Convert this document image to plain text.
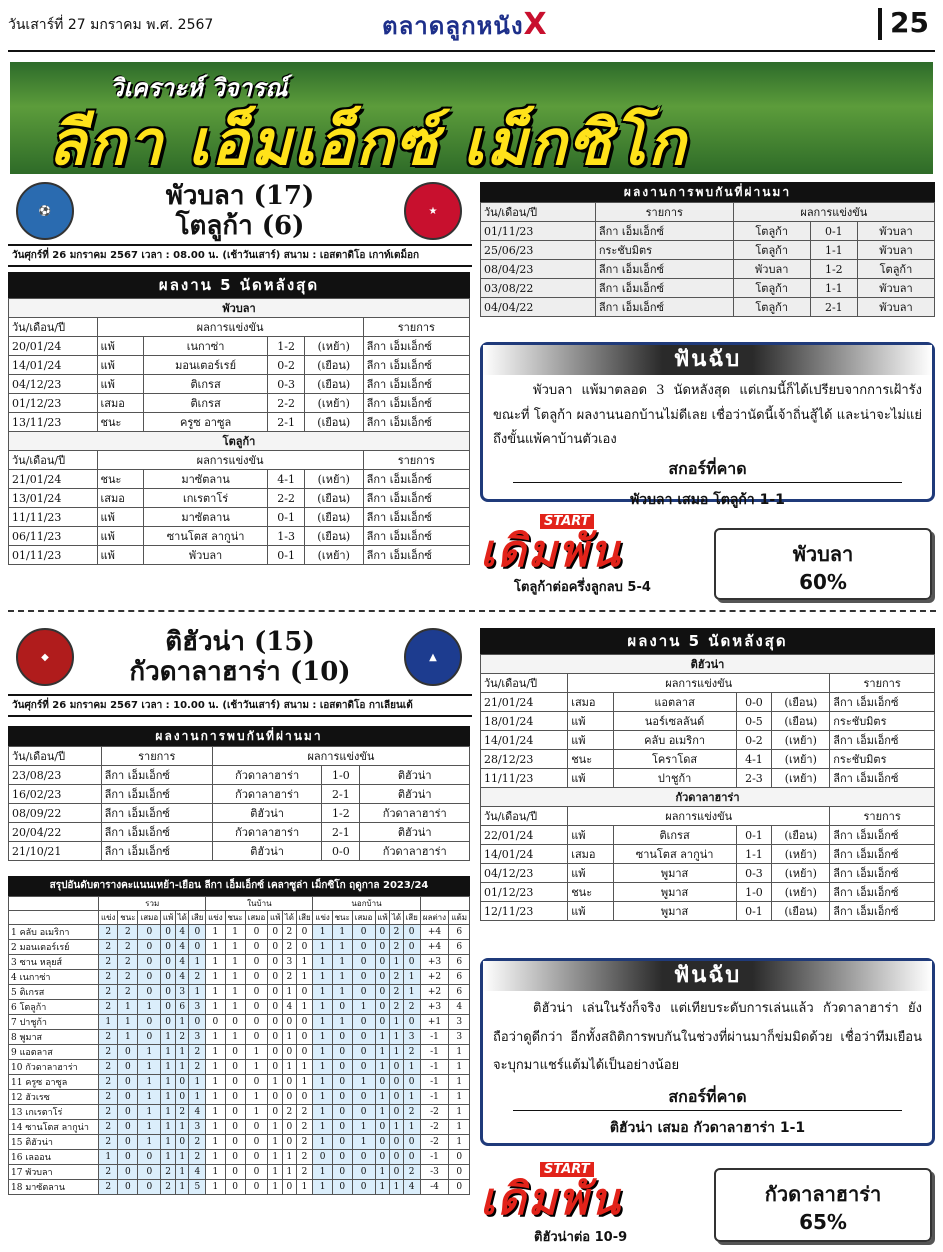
วันเสาร์ที่ 27 มกราคม พ.ศ. 2567	ตลาดลูกหนังX	25
วิเคราะห์ วิจารณ์
ลีกา เอ็มเอ็กซ์ เม็กซิโก
⚽	★
พัวบลา (17)
โตลูก้า (6)
วันศุกร์ที่ 26 มกราคม 2567 เวลา : 08.00 น. (เช้าวันเสาร์) สนาม : เอสตาดิโอ เกาท์เตม็อก
ผลงาน 5 นัดหลังสุด
พัวบลา					
วัน/เดือน/ปี	ผลการแข่งขัน				รายการ
20/01/24	แพ้	เนกาซ่า	1-2	(เหย้า)	ลีกา เอ็มเอ็กซ์
14/01/24	แพ้	มอนเตอร์เรย์	0-2	(เยือน)	ลีกา เอ็มเอ็กซ์
04/12/23	แพ้	ติเกรส	0-3	(เยือน)	ลีกา เอ็มเอ็กซ์
01/12/23	เสมอ	ติเกรส	2-2	(เหย้า)	ลีกา เอ็มเอ็กซ์
13/11/23	ชนะ	ครูซ อาซูล	2-1	(เยือน)	ลีกา เอ็มเอ็กซ์
โตลูก้า					
วัน/เดือน/ปี	ผลการแข่งขัน				รายการ
21/01/24	ชนะ	มาซัตลาน	4-1	(เหย้า)	ลีกา เอ็มเอ็กซ์
13/01/24	เสมอ	เกเรตาโร่	2-2	(เยือน)	ลีกา เอ็มเอ็กซ์
11/11/23	แพ้	มาซัตลาน	0-1	(เยือน)	ลีกา เอ็มเอ็กซ์
06/11/23	แพ้	ซานโตส ลากูน่า	1-3	(เยือน)	ลีกา เอ็มเอ็กซ์
01/11/23	แพ้	พัวบลา	0-1	(เหย้า)	ลีกา เอ็มเอ็กซ์
ผลงานการพบกันที่ผ่านมา
วัน/เดือน/ปี	รายการ	ผลการแข่งขัน		
01/11/23	ลีกา เอ็มเอ็กซ์	โตลูก้า	0-1	พัวบลา
25/06/23	กระชับมิตร	โตลูก้า	1-1	พัวบลา
08/04/23	ลีกา เอ็มเอ็กซ์	พัวบลา	1-2	โตลูก้า
03/08/22	ลีกา เอ็มเอ็กซ์	โตลูก้า	1-1	พัวบลา
04/04/22	ลีกา เอ็มเอ็กซ์	โตลูก้า	2-1	พัวบลา
ฟันฉับ
พัวบลา แพ้มาตลอด 3 นัดหลังสุด แต่เกมนี้ก็ได้เปรียบจากการเฝ้ารัง ขณะที่ โตลูก้า ผลงานนอกบ้านไม่ดีเลย เชื่อว่านัดนี้เจ้าถิ่นสู้ได้ และน่าจะไม่แย่ถึงขั้นแพ้คาบ้านตัวเอง
สกอร์ที่คาด
พัวบลา เสมอ โตลูก้า 1-1
START
เดิมพัน
โตลูก้าต่อครึ่งลูกลบ 5-4
พัวบลา
60%
◆	▲
ติฮัวน่า (15)
กัวดาลาฮาร่า (10)
วันศุกร์ที่ 26 มกราคม 2567 เวลา : 10.00 น. (เช้าวันเสาร์) สนาม : เอสตาดิโอ กาเลียนเต้
ผลงานการพบกันที่ผ่านมา
วัน/เดือน/ปี	รายการ	ผลการแข่งขัน		
23/08/23	ลีกา เอ็มเอ็กซ์	กัวดาลาฮาร่า	1-0	ติฮัวน่า
16/02/23	ลีกา เอ็มเอ็กซ์	กัวดาลาฮาร่า	2-1	ติฮัวน่า
08/09/22	ลีกา เอ็มเอ็กซ์	ติฮัวน่า	1-2	กัวดาลาฮาร่า
20/04/22	ลีกา เอ็มเอ็กซ์	กัวดาลาฮาร่า	2-1	ติฮัวน่า
21/10/21	ลีกา เอ็มเอ็กซ์	ติฮัวน่า	0-0	กัวดาลาฮาร่า
ผลงาน 5 นัดหลังสุด
ติฮัวน่า					
วัน/เดือน/ปี	ผลการแข่งขัน				รายการ
21/01/24	เสมอ	แอตลาส	0-0	(เยือน)	ลีกา เอ็มเอ็กซ์
18/01/24	แพ้	นอร์เซลลันด์	0-5	(เยือน)	กระชับมิตร
14/01/24	แพ้	คลับ อเมริกา	0-2	(เหย้า)	ลีกา เอ็มเอ็กซ์
28/12/23	ชนะ	โคราโดส	4-1	(เหย้า)	กระชับมิตร
11/11/23	แพ้	ปาชูก้า	2-3	(เหย้า)	ลีกา เอ็มเอ็กซ์
กัวดาลาฮาร่า					
วัน/เดือน/ปี	ผลการแข่งขัน				รายการ
22/01/24	แพ้	ติเกรส	0-1	(เยือน)	ลีกา เอ็มเอ็กซ์
14/01/24	เสมอ	ซานโตส ลากูน่า	1-1	(เหย้า)	ลีกา เอ็มเอ็กซ์
04/12/23	แพ้	พูมาส	0-3	(เหย้า)	ลีกา เอ็มเอ็กซ์
01/12/23	ชนะ	พูมาส	1-0	(เหย้า)	ลีกา เอ็มเอ็กซ์
12/11/23	แพ้	พูมาส	0-1	(เยือน)	ลีกา เอ็มเอ็กซ์
ฟันฉับ
ติฮัวน่า เล่นในรังก็จริง แต่เทียบระดับการเล่นแล้ว กัวดาลาฮาร่า ยังถือว่าดูดีกว่า อีกทั้งสถิติการพบกันในช่วงที่ผ่านมาก็ข่มมิดด้วย เชื่อว่าทีมเยือนจะบุกมาแชร์แต้มได้เป็นอย่างน้อย
สกอร์ที่คาด
ติฮัวน่า เสมอ กัวดาลาฮาร่า 1-1
START
เดิมพัน
ติฮัวน่าต่อ 10-9
กัวดาลาฮาร่า
65%
สรุปอันดับตารางคะแนนเหย้า-เยือน ลีกา เอ็มเอ็กซ์ เคลาซูล่า เม็กซิโก ฤดูกาล 2023/24
	รวม						ในบ้าน						นอกบ้าน							
	แข่ง	ชนะ	เสมอ	แพ้	ได้	เสีย	แข่ง	ชนะ	เสมอ	แพ้	ได้	เสีย	แข่ง	ชนะ	เสมอ	แพ้	ได้	เสีย	ผลต่าง	แต้ม
1 คลับ อเมริกา	2	2	0	0	4	0	1	1	0	0	2	0	1	1	0	0	2	0	+4	6
2 มอนเตอร์เรย์	2	2	0	0	4	0	1	1	0	0	2	0	1	1	0	0	2	0	+4	6
3 ซาน หลุยส์	2	2	0	0	4	1	1	1	0	0	3	1	1	1	0	0	1	0	+3	6
4 เนกาซ่า	2	2	0	0	4	2	1	1	0	0	2	1	1	1	0	0	2	1	+2	6
5 ติเกรส	2	2	0	0	3	1	1	1	0	0	1	0	1	1	0	0	2	1	+2	6
6 โตลูก้า	2	1	1	0	6	3	1	1	0	0	4	1	1	0	1	0	2	2	+3	4
7 ปาชูก้า	1	1	0	0	1	0	0	0	0	0	0	0	1	1	0	0	1	0	+1	3
8 พูมาส	2	1	0	1	2	3	1	1	0	0	1	0	1	0	0	1	1	3	-1	3
9 แอตลาส	2	0	1	1	1	2	1	0	1	0	0	0	1	0	0	1	1	2	-1	1
10 กัวดาลาฮาร่า	2	0	1	1	1	2	1	0	1	0	1	1	1	0	0	1	0	1	-1	1
11 ครูซ อาซูล	2	0	1	1	0	1	1	0	0	1	0	1	1	0	1	0	0	0	-1	1
12 ฮัวเรซ	2	0	1	1	0	1	1	0	1	0	0	0	1	0	0	1	0	1	-1	1
13 เกเรตาโร่	2	0	1	1	2	4	1	0	1	0	2	2	1	0	0	1	0	2	-2	1
14 ซานโตส ลากูน่า	2	0	1	1	1	3	1	0	0	1	0	2	1	0	1	0	1	1	-2	1
15 ติฮัวน่า	2	0	1	1	0	2	1	0	0	1	0	2	1	0	1	0	0	0	-2	1
16 เลออน	1	0	0	1	1	2	1	0	0	1	1	2	0	0	0	0	0	0	-1	0
17 พัวบลา	2	0	0	2	1	4	1	0	0	1	1	2	1	0	0	1	0	2	-3	0
18 มาซัตลาน	2	0	0	2	1	5	1	0	0	1	0	1	1	0	0	1	1	4	-4	0
